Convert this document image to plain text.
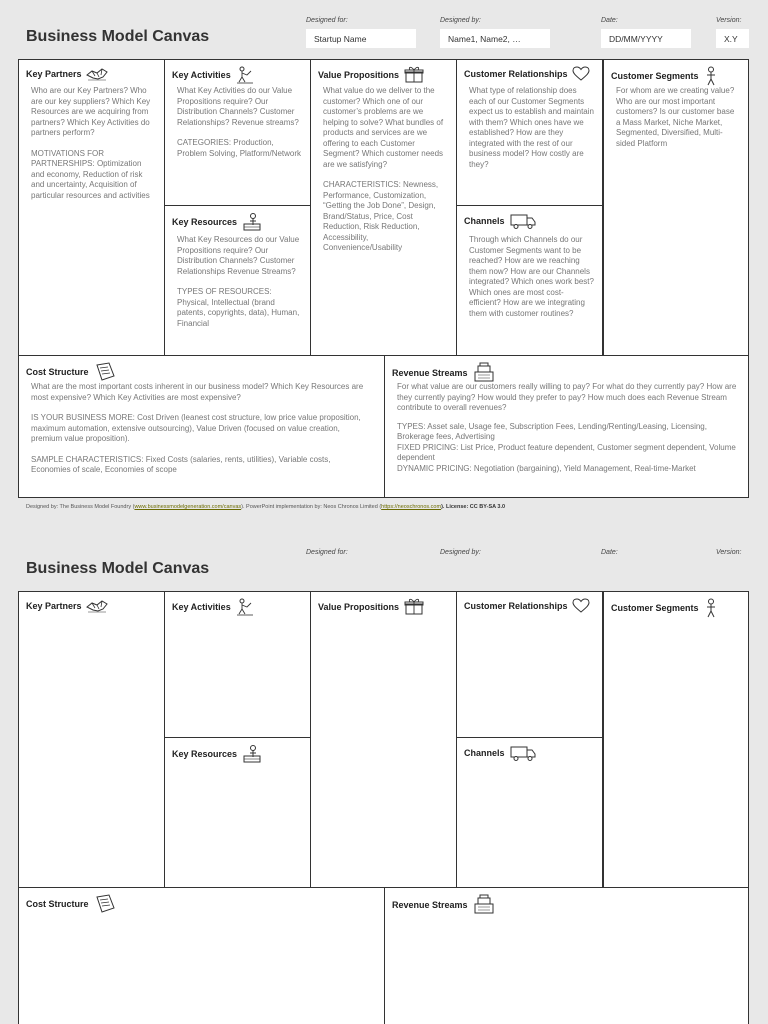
Business Model Canvas
Designed for:
Startup Name
Designed by:
Name1, Name2, …
Date:
DD/MM/YYYY
Version:
X.Y
Key Partners

Who are our Key Partners? Who are our key suppliers? Which Key Resources are we acquiring from partners? Which Key Activities do partners perform?

MOTIVATIONS FOR PARTNERSHIPS: Optimization and economy, Reduction of risk and uncertainty, Acquisition of particular resources and activities

Key Activities

What Key Activities do our Value Propositions require? Our Distribution Channels? Customer Relationships? Revenue streams?

CATEGORIES: Production, Problem Solving, Platform/Network

Key Resources

What Key Resources do our Value Propositions require? Our Distribution Channels? Customer Relationships Revenue Streams?

TYPES OF RESOURCES: Physical, Intellectual (brand patents, copyrights, data), Human, Financial

Value Propositions

What value do we deliver to the customer? Which one of our customer’s problems are we helping to solve? What bundles of products and services are we offering to each Customer Segment? Which customer needs are we satisfying?

CHARACTERISTICS: Newness, Performance, Customization, “Getting the Job Done”, Design, Brand/Status, Price, Cost Reduction, Risk Reduction, Accessibility, Convenience/Usability

Customer Relationships

What type of relationship does each of our Customer Segments expect us to establish and maintain with them? Which ones have we established? How are they integrated with the rest of our business model? How costly are they?

Channels

Through which Channels do our Customer Segments want to be reached? How are we reaching them now? How are our Channels integrated? Which ones work best? Which ones are most cost-efficient? How are we integrating them with customer routines?

Customer Segments

For whom are we creating value? Who are our most important customers? Is our customer base a Mass Market, Niche Market, Segmented, Diversified, Multi-sided Platform

Cost Structure

What are the most important costs inherent in our business model? Which Key Resources are most expensive? Which Key Activities are most expensive?

IS YOUR BUSINESS MORE: Cost Driven (leanest cost structure, low price value proposition, maximum automation, extensive outsourcing), Value Driven (focused on value creation, premium value proposition).

SAMPLE CHARACTERISTICS: Fixed Costs (salaries, rents, utilities), Variable costs, Economies of scale, Economies of scope

Revenue Streams

For what value are our customers really willing to pay? For what do they currently pay? How are they currently paying? How would they prefer to pay? How much does each Revenue Stream contribute to overall revenues?

TYPES: Asset sale, Usage fee, Subscription Fees, Lending/Renting/Leasing, Licensing, Brokerage fees, Advertising
FIXED PRICING: List Price, Product feature dependent, Customer segment dependent, Volume dependent
DYNAMIC PRICING: Negotiation (bargaining), Yield Management, Real-time-Market

Designed by: The Business Model Foundry (www.businessmodelgeneration.com/canvas). PowerPoint implementation by: Neos Chronos Limited (https://neoschronos.com). License: CC BY-SA 3.0
Business Model Canvas
Designed for:	Designed by:	Date:	Version:
Key Partners	Key Activities
Key Resources
Value Propositions	Customer Relationships
Channels
Customer Segments
Cost Structure	Revenue Streams
